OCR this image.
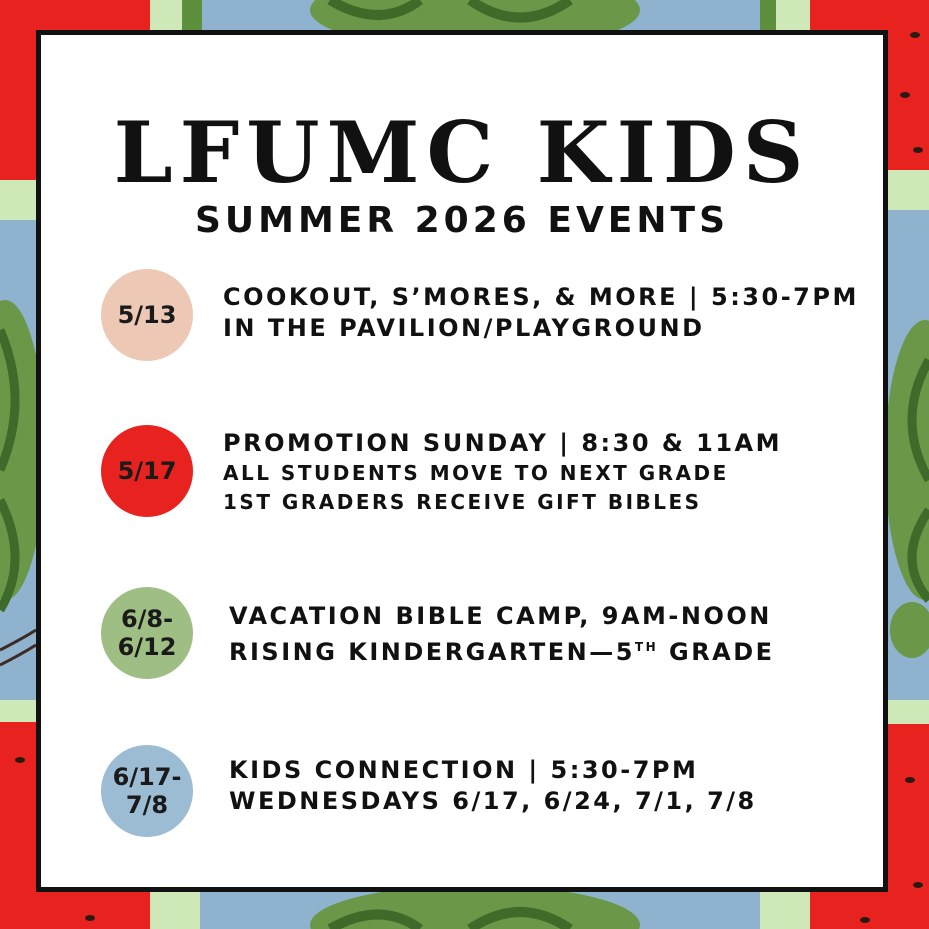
LFUMC KIDS
SUMMER 2026 EVENTS
5/13
COOKOUT, S’MORES, & MORE | 5:30-7PM
IN THE PAVILION/PLAYGROUND
5/17
PROMOTION SUNDAY | 8:30 & 11AM
ALL STUDENTS MOVE TO NEXT GRADE
1ST GRADERS RECEIVE GIFT BIBLES
6/8-
6/12
VACATION BIBLE CAMP, 9AM-NOON
RISING KINDERGARTEN—5TH GRADE
6/17-
7/8
KIDS CONNECTION | 5:30-7PM
WEDNESDAYS 6/17, 6/24, 7/1, 7/8
